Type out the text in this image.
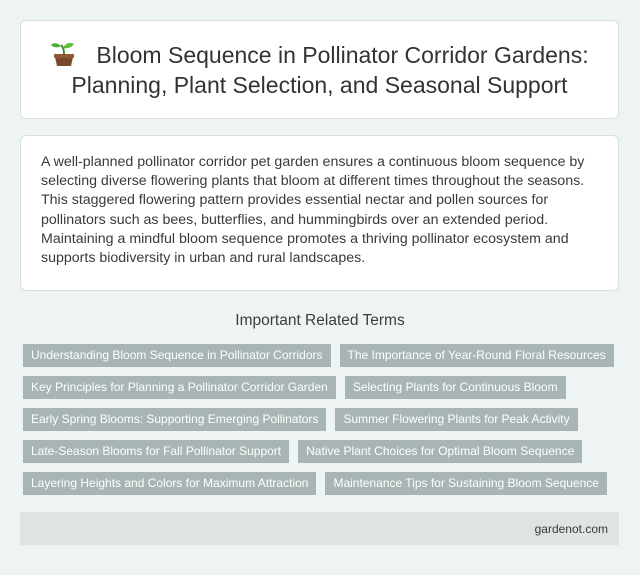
Bloom Sequence in Pollinator Corridor Gardens: Planning, Plant Selection, and Seasonal Support

A well-planned pollinator corridor pet garden ensures a continuous bloom sequence by selecting diverse flowering plants that bloom at different times throughout the seasons. This staggered flowering pattern provides essential nectar and pollen sources for pollinators such as bees, butterflies, and hummingbirds over an extended period. Maintaining a mindful bloom sequence promotes a thriving pollinator ecosystem and supports biodiversity in urban and rural landscapes.

Important Related Terms
Understanding Bloom Sequence in Pollinator Corridors	The Importance of Year-Round Floral Resources
Key Principles for Planning a Pollinator Corridor Garden	Selecting Plants for Continuous Bloom
Early Spring Blooms: Supporting Emerging Pollinators	Summer Flowering Plants for Peak Activity
Late-Season Blooms for Fall Pollinator Support	Native Plant Choices for Optimal Bloom Sequence
Layering Heights and Colors for Maximum Attraction	Maintenance Tips for Sustaining Bloom Sequence
gardenot.com
